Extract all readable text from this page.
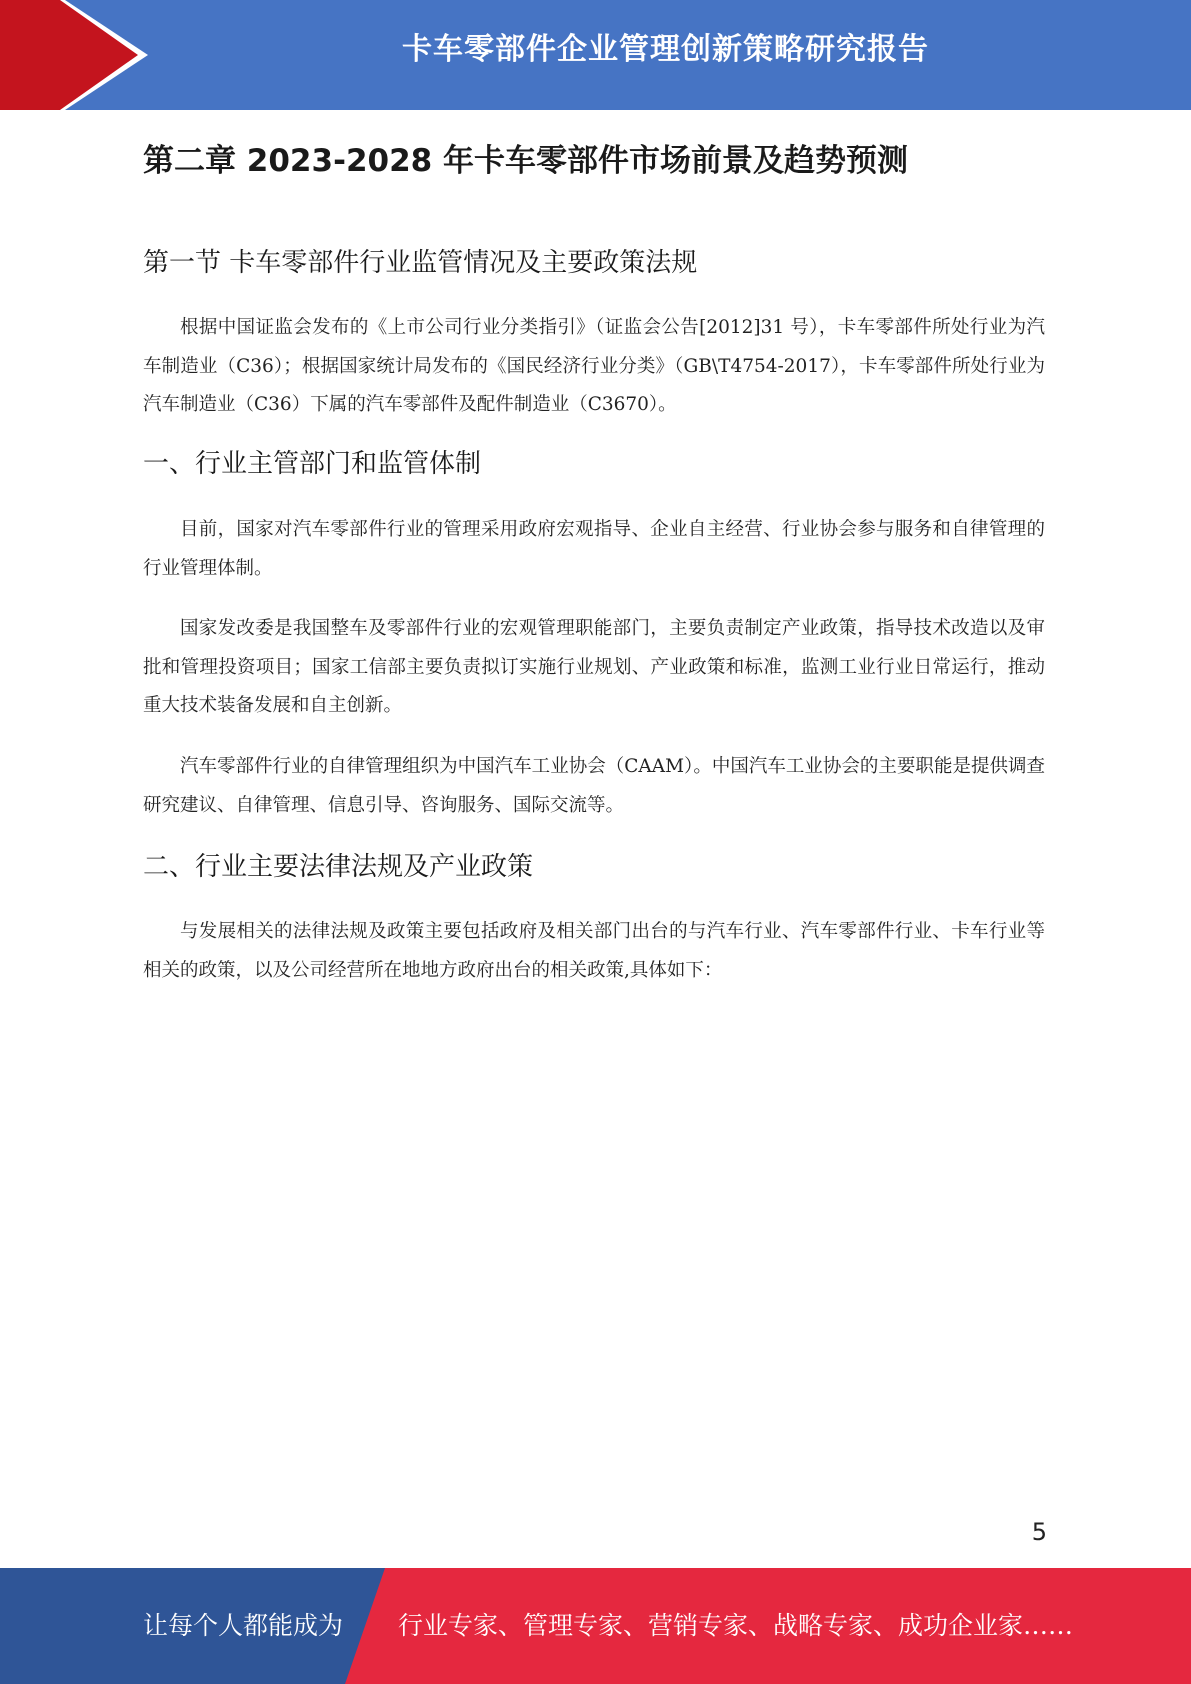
卡车零部件企业管理创新策略研究报告
第二章 2023-2028 年卡车零部件市场前景及趋势预测
第一节 卡车零部件行业监管情况及主要政策法规

根据中国证监会发布的《上市公司行业分类指引》（证监会公告[2012]31 号），卡车零部件所处行业为汽车制造业（C36）；根据国家统计局发布的《国民经济行业分类》（GB\T4754-2017），卡车零部件所处行业为汽车制造业（C36）下属的汽车零部件及配件制造业（C3670）。

一、行业主管部门和监管体制

目前，国家对汽车零部件行业的管理采用政府宏观指导、企业自主经营、行业协会参与服务和自律管理的行业管理体制。

国家发改委是我国整车及零部件行业的宏观管理职能部门，主要负责制定产业政策，指导技术改造以及审批和管理投资项目；国家工信部主要负责拟订实施行业规划、产业政策和标准，监测工业行业日常运行，推动重大技术装备发展和自主创新。

汽车零部件行业的自律管理组织为中国汽车工业协会（CAAM）。中国汽车工业协会的主要职能是提供调查研究建议、自律管理、信息引导、咨询服务、国际交流等。

二、行业主要法律法规及产业政策

与发展相关的法律法规及政策主要包括政府及相关部门出台的与汽车行业、汽车零部件行业、卡车行业等相关的政策，以及公司经营所在地地方政府出台的相关政策,具体如下：

5
让每个人都能成为 行业专家、管理专家、营销专家、战略专家、成功企业家……
